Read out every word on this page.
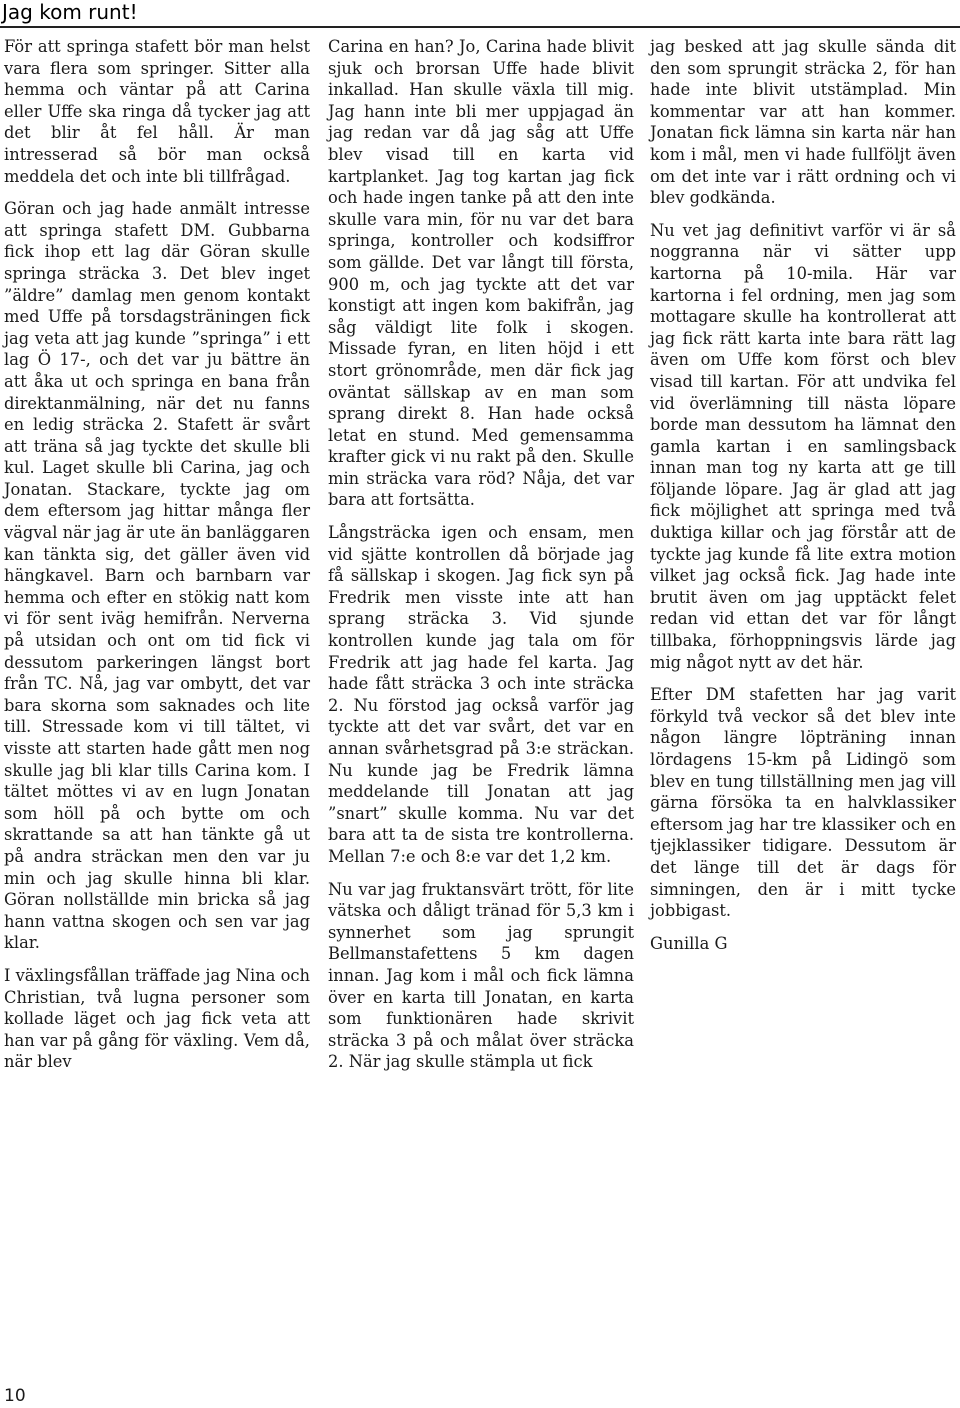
Jag kom runt!

För att springa stafett bör man helst vara flera som springer. Sitter alla hemma och väntar på att Carina eller Uffe ska ringa då tycker jag att det blir åt fel håll. Är man intresserad så bör man också meddela det och inte bli tillfrågad.

Göran och jag hade anmält intresse att springa stafett DM. Gubbarna fick ihop ett lag där Göran skulle springa sträcka 3. Det blev inget ”äldre” damlag men genom kontakt med Uffe på torsdagsträningen fick jag veta att jag kunde ”springa” i ett lag Ö 17-, och det var ju bättre än att åka ut och springa en bana från direktanmälning, när det nu fanns en ledig sträcka 2. Stafett är svårt att träna så jag tyckte det skulle bli kul. Laget skulle bli Carina, jag och Jonatan. Stackare, tyckte jag om dem eftersom jag hittar många fler vägval när jag är ute än banläggaren kan tänkta sig, det gäller även vid hängkavel. Barn och barnbarn var hemma och efter en stökig natt kom vi för sent iväg hemifrån. Nerverna på utsidan och ont om tid fick vi dessutom parkeringen längst bort från TC. Nå, jag var ombytt, det var bara skorna som saknades och lite till. Stressade kom vi till tältet, vi visste att starten hade gått men nog skulle jag bli klar tills Carina kom. I tältet möttes vi av en lugn Jonatan som höll på och bytte om och skrattande sa att han tänkte gå ut på andra sträckan men den var ju min och jag skulle hinna bli klar. Göran nollställde min bricka så jag hann vattna skogen och sen var jag klar.

I växlingsfållan träffade jag Nina och Christian, två lugna personer som kollade läget och jag fick veta att han var på gång för växling. Vem då, när blev

Carina en han? Jo, Carina hade blivit sjuk och brorsan Uffe hade blivit inkallad. Han skulle växla till mig. Jag hann inte bli mer uppjagad än jag redan var då jag såg att Uffe blev visad till en karta vid kartplanket. Jag tog kartan jag fick och hade ingen tanke på att den inte skulle vara min, för nu var det bara springa, kontroller och kodsiffror som gällde. Det var långt till första, 900 m, och jag tyckte att det var konstigt att ingen kom bakifrån, jag såg väldigt lite folk i skogen. Missade fyran, en liten höjd i ett stort grönområde, men där fick jag oväntat sällskap av en man som sprang direkt 8. Han hade också letat en stund. Med gemensamma krafter gick vi nu rakt på den. Skulle min sträcka vara röd? Nåja, det var bara att fortsätta.

Långsträcka igen och ensam, men vid sjätte kontrollen då började jag få sällskap i skogen. Jag fick syn på Fredrik men visste inte att han sprang sträcka 3. Vid sjunde kontrollen kunde jag tala om för Fredrik att jag hade fel karta. Jag hade fått sträcka 3 och inte sträcka 2. Nu förstod jag också varför jag tyckte att det var svårt, det var en annan svårhetsgrad på 3:e sträckan. Nu kunde jag be Fredrik lämna meddelande till Jonatan att jag ”snart” skulle komma. Nu var det bara att ta de sista tre kontrollerna. Mellan 7:e och 8:e var det 1,2 km.

Nu var jag fruktansvärt trött, för lite vätska och dåligt tränad för 5,3 km i synnerhet som jag sprungit Bellmanstafettens 5 km dagen innan. Jag kom i mål och fick lämna över en karta till Jonatan, en karta som funktionären hade skrivit sträcka 3 på och målat över sträcka 2. När jag skulle stämpla ut fick

jag besked att jag skulle sända dit den som sprungit sträcka 2, för han hade inte blivit utstämplad. Min kommentar var att han kommer. Jonatan fick lämna sin karta när han kom i mål, men vi hade fullföljt även om det inte var i rätt ordning och vi blev godkända.

Nu vet jag definitivt varför vi är så noggranna när vi sätter upp kartorna på 10-mila. Här var kartorna i fel ordning, men jag som mottagare skulle ha kontrollerat att jag fick rätt karta inte bara rätt lag även om Uffe kom först och blev visad till kartan. För att undvika fel vid överlämning till nästa löpare borde man dessutom ha lämnat den gamla kartan i en samlingsback innan man tog ny karta att ge till följande löpare. Jag är glad att jag fick möjlighet att springa med två duktiga killar och jag förstår att de tyckte jag kunde få lite extra motion vilket jag också fick. Jag hade inte brutit även om jag upptäckt felet redan vid ettan det var för långt tillbaka, förhoppningsvis lärde jag mig något nytt av det här.

Efter DM stafetten har jag varit förkyld två veckor så det blev inte någon längre löpträning innan lördagens 15-km på Lidingö som blev en tung tillställning men jag vill gärna försöka ta en halvklassiker eftersom jag har tre klassiker och en tjejklassiker tidigare. Dessutom är det länge till det är dags för simningen, den är i mitt tycke jobbigast.

Gunilla G

10
